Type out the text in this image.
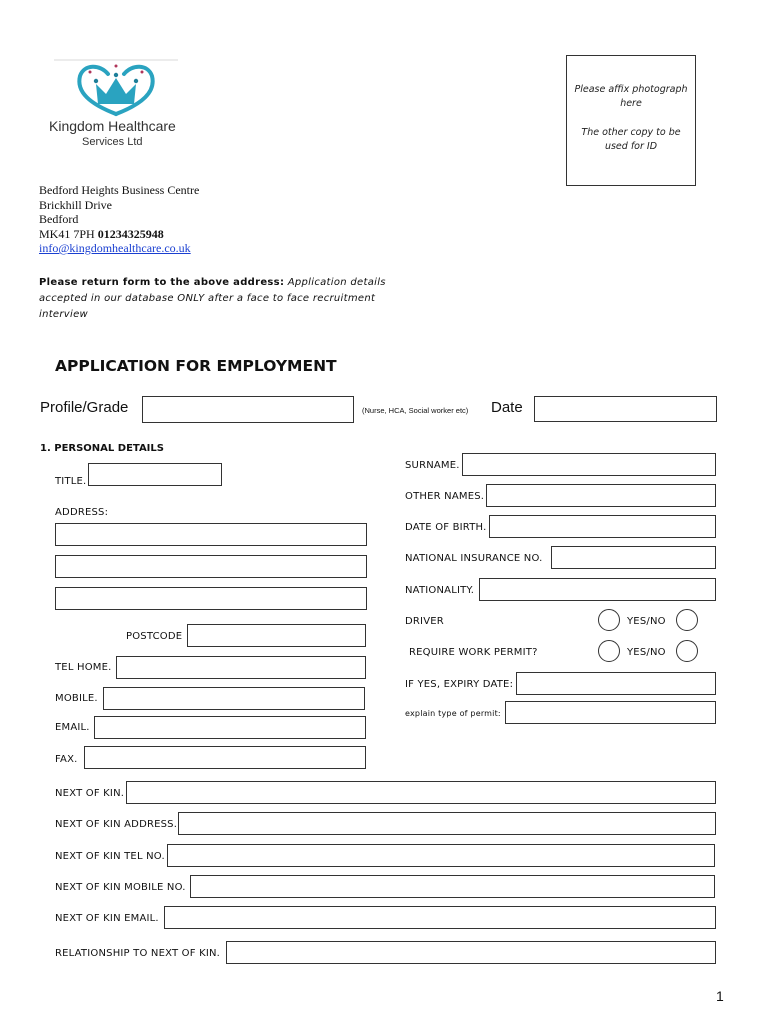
Kingdom Healthcare
Services Ltd
Please affix photograph
here
The other copy to be
used for ID
Bedford Heights Business Centre
Brickhill Drive
Bedford
MK41 7PH 01234325948
info@kingdomhealthcare.co.uk
Please return form to the above address: Application details
accepted in our database ONLY after a face to face recruitment
interview
APPLICATION FOR EMPLOYMENT
Profile/Grade	(Nurse, HCA, Social worker etc) Date
1. PERSONAL DETAILS
TITLE.
ADDRESS:
POSTCODE
TEL HOME.
MOBILE.
EMAIL.
FAX.
SURNAME.
OTHER NAMES.
DATE OF BIRTH.
NATIONAL INSURANCE NO.
NATIONALITY.
DRIVER	YES/NO
REQUIRE WORK PERMIT?	YES/NO
IF YES, EXPIRY DATE:
explain type of permit:
NEXT OF KIN.
NEXT OF KIN ADDRESS.
NEXT OF KIN TEL NO.
NEXT OF KIN MOBILE NO.
NEXT OF KIN EMAIL.
RELATIONSHIP TO NEXT OF KIN.
1
